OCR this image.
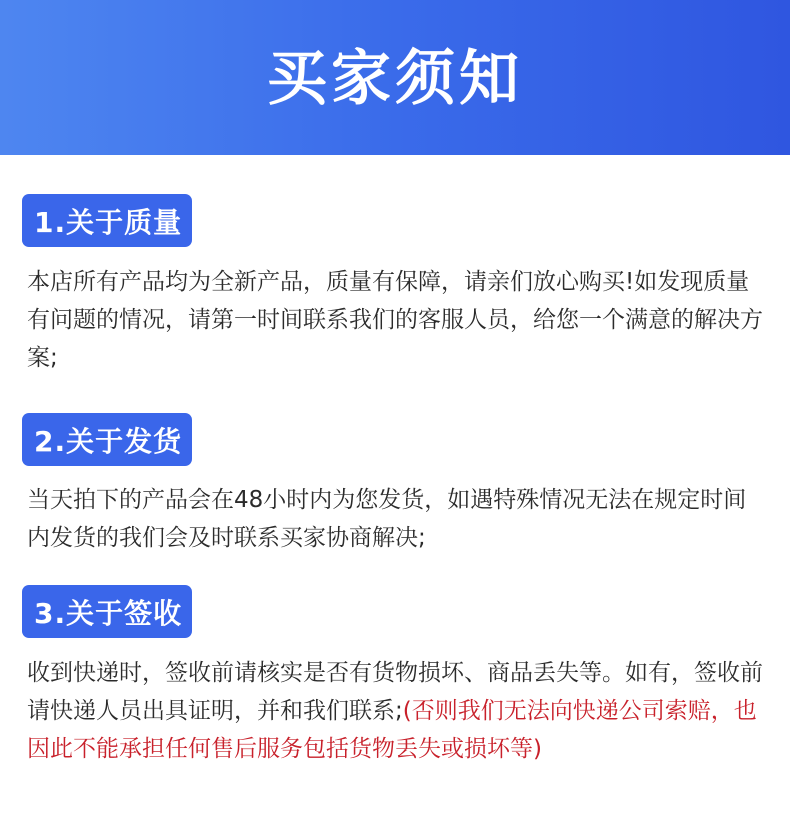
买家须知
1.关于质量

本店所有产品均为全新产品，质量有保障，请亲们放心购买!如发现质量有问题的情况，请第一时间联系我们的客服人员，给您一个满意的解决方案;

2.关于发货

当天拍下的产品会在48小时内为您发货，如遇特殊情况无法在规定时间内发货的我们会及时联系买家协商解决;

3.关于签收

收到快递时，签收前请核实是否有货物损坏、商品丢失等。如有，签收前请快递人员出具证明，并和我们联系;(否则我们无法向快递公司索赔，也因此不能承担任何售后服务包括货物丢失或损坏等)
